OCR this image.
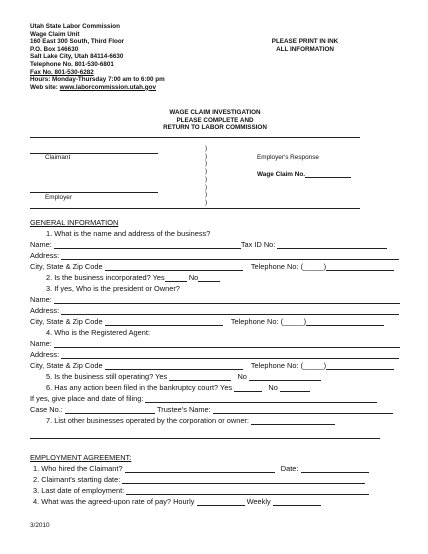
Utah State Labor Commission
Wage Claim Unit
160 East 300 South, Third Floor
P.O. Box 146630
Salt Lake City, Utah 84114-6630
Telephone No. 801-530-6801
Fax No. 801-530-6282
Hours: Monday-Thursday 7:00 am to 6:00 pm
Web site: www.laborcommission.utah.gov
PLEASE PRINT IN INK
ALL INFORMATION
WAGE CLAIM INVESTIGATION
PLEASE COMPLETE AND
RETURN TO LABOR COMMISSION
Claimant
Employer
)
)
)
)
)
)
)
)
Employer's Response
Wage Claim No.
GENERAL INFORMATION
1. What is the name and address of the business?
Name:	Tax ID No:
Address:
City, State & Zip Code	Telephone No: (_____)
2. Is the business incorporated? Yes	No
3. If yes, Who is the president or Owner?
Name:
Address:
City, State & Zip Code	Telephone No: (_____)
4. Who is the Registered Agent:
Name:
Address:
City, State & Zip Code	Telephone No: (_____)
5. Is the business still operating? Yes	No
6. Has any action been filed in the bankruptcy court? Yes	No
If yes, give place and date of filing:
Case No.:	Trustee's Name:
7. List other businesses operated by the corporation or owner:
EMPLOYMENT AGREEMENT:
1. Who hired the Claimant?	Date:
2. Claimant's starting date:
3. Last date of employment:
4. What was the agreed-upon rate of pay? Hourly	Weekly
3/2010
